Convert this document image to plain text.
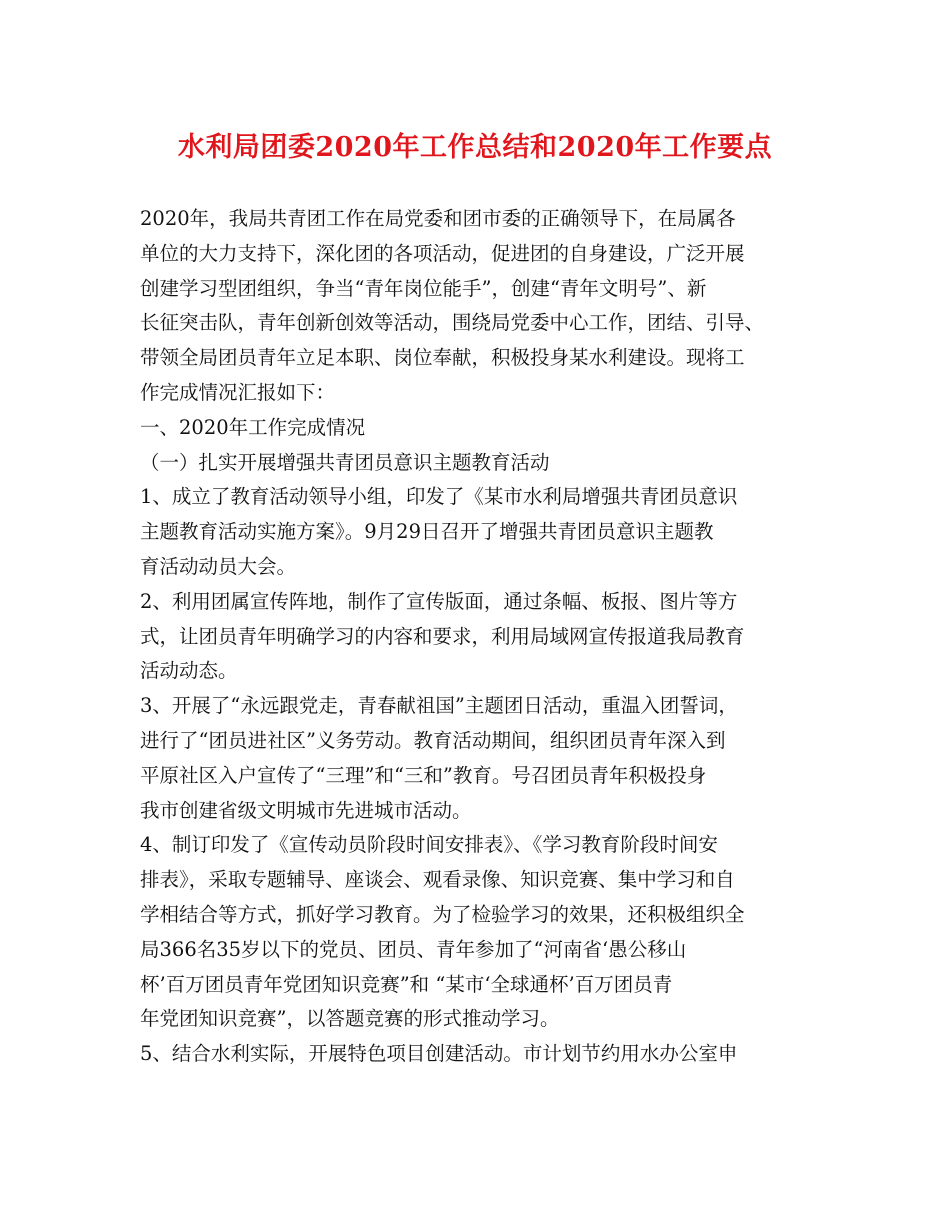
水利局团委2020年工作总结和2020年工作要点
2020年，我局共青团工作在局党委和团市委的正确领导下，在局属各
单位的大力支持下，深化团的各项活动，促进团的自身建设，广泛开展
创建学习型团组织，争当“青年岗位能手”，创建“青年文明号”、新
长征突击队，青年创新创效等活动，围绕局党委中心工作，团结、引导、
带领全局团员青年立足本职、岗位奉献，积极投身某水利建设。现将工
作完成情况汇报如下：
一、2020年工作完成情况
（一）扎实开展增强共青团员意识主题教育活动
1、成立了教育活动领导小组，印发了《某市水利局增强共青团员意识
主题教育活动实施方案》。9月29日召开了增强共青团员意识主题教
育活动动员大会。
2、利用团属宣传阵地，制作了宣传版面，通过条幅、板报、图片等方
式，让团员青年明确学习的内容和要求，利用局域网宣传报道我局教育
活动动态。
3、开展了“永远跟党走，青春献祖国”主题团日活动，重温入团誓词，
进行了“团员进社区”义务劳动。教育活动期间，组织团员青年深入到
平原社区入户宣传了“三理”和“三和”教育。号召团员青年积极投身
我市创建省级文明城市先进城市活动。
4、制订印发了《宣传动员阶段时间安排表》、《学习教育阶段时间安
排表》，采取专题辅导、座谈会、观看录像、知识竞赛、集中学习和自
学相结合等方式，抓好学习教育。为了检验学习的效果，还积极组织全
局366名35岁以下的党员、团员、青年参加了“河南省‘愚公移山
杯’百万团员青年党团知识竞赛”和 “某市‘全球通杯’百万团员青
年党团知识竞赛”，以答题竞赛的形式推动学习。
5、结合水利实际，开展特色项目创建活动。市计划节约用水办公室申
